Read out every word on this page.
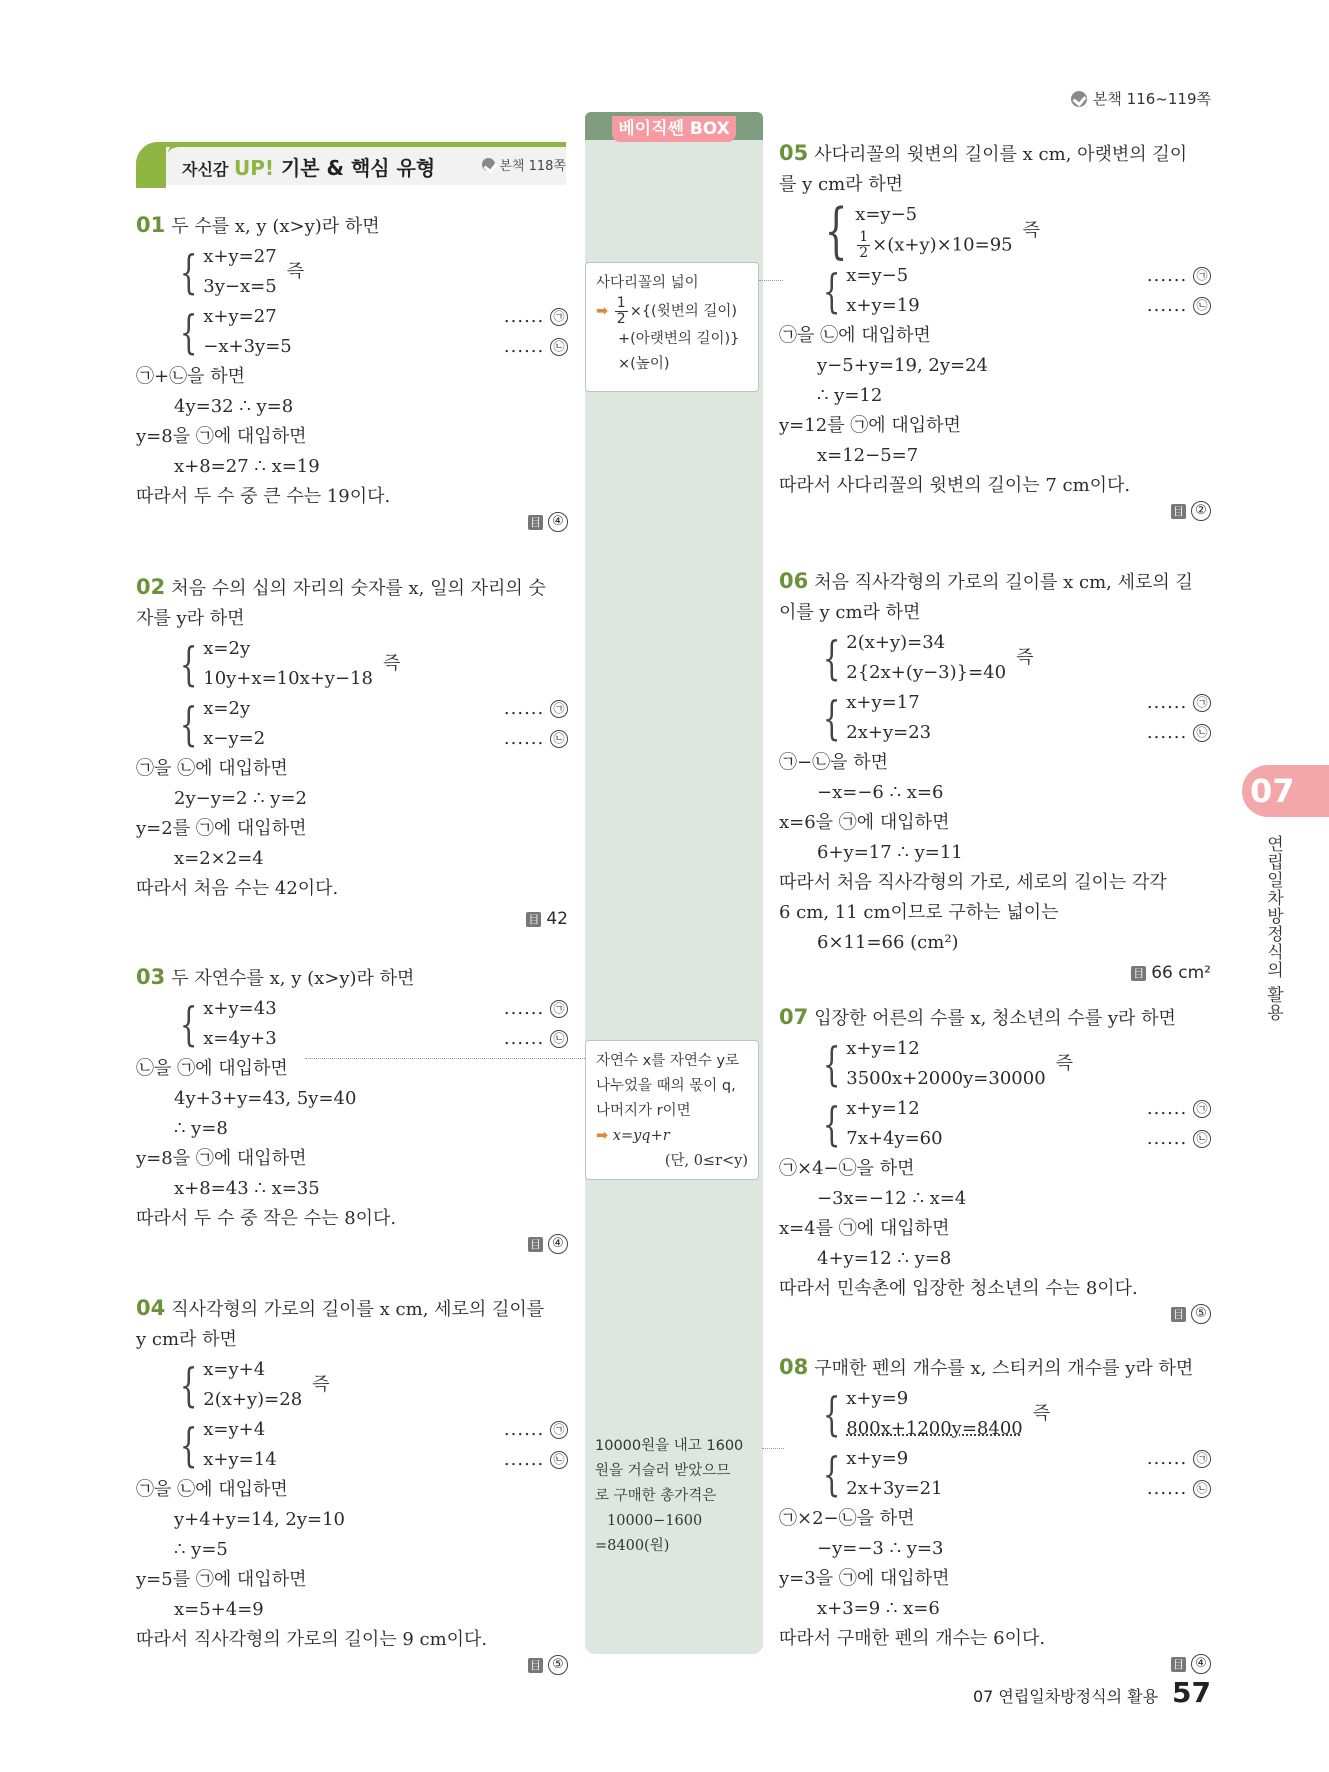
본책 116~119쪽
자신감 UP! 기본 & 핵심 유형	본책 118쪽
베이직쎈 BOX
사다리꼴의 넓이
➡ $\frac{1}{2}$ ×{(윗변의 길이)
+(아랫변의 길이)}
×(높이)
자연수 x를 자연수 y로
나누었을 때의 몫이 q,
나머지가 r이면
➡ x=yq+r
(단, 0≤r<y)
10000원을 내고 1600
원을 거슬러 받았으므
로 구매한 총가격은
10000−1600
=8400(원)
01 두 수를 x, y (x>y)라 하면
{ x+y=27
3y−x=5
즉
{ x+y=27	...... ㉠
−x+3y=5	...... ㉡
㉠+㉡을 하면
4y=32 ∴ y=8
y=8을 ㉠에 대입하면
x+8=27 ∴ x=19
따라서 두 수 중 큰 수는 19이다.
目 ④
02 처음 수의 십의 자리의 숫자를 x, 일의 자리의 숫
자를 y라 하면
{ x=2y
10y+x=10x+y−18
즉
{ x=2y	...... ㉠
x−y=2	...... ㉡
㉠을 ㉡에 대입하면
2y−y=2 ∴ y=2
y=2를 ㉠에 대입하면
x=2×2=4
따라서 처음 수는 42이다.
目 42
03 두 자연수를 x, y (x>y)라 하면
{ x+y=43	...... ㉠
x=4y+3	...... ㉡
㉡을 ㉠에 대입하면
4y+3+y=43, 5y=40
∴ y=8
y=8을 ㉠에 대입하면
x+8=43 ∴ x=35
따라서 두 수 중 작은 수는 8이다.
目 ④
04 직사각형의 가로의 길이를 x cm, 세로의 길이를
y cm라 하면
{ x=y+4
2(x+y)=28
즉
{ x=y+4	...... ㉠
x+y=14	...... ㉡
㉠을 ㉡에 대입하면
y+4+y=14, 2y=10
∴ y=5
y=5를 ㉠에 대입하면
x=5+4=9
따라서 직사각형의 가로의 길이는 9 cm이다.
目 ⑤
05 사다리꼴의 윗변의 길이를 x cm, 아랫변의 길이
를 y cm라 하면
{ x=y−5
$\frac{1}{2} \times(x+y)\times 10=95$
즉
{ x=y−5	...... ㉠
x+y=19	...... ㉡
㉠을 ㉡에 대입하면
y−5+y=19, 2y=24
∴ y=12
y=12를 ㉠에 대입하면
x=12−5=7
따라서 사다리꼴의 윗변의 길이는 7 cm이다.
目 ②
06 처음 직사각형의 가로의 길이를 x cm, 세로의 길
이를 y cm라 하면
{ 2(x+y)=34
2{2x+(y−3)}=40
즉
{ x+y=17	...... ㉠
2x+y=23	...... ㉡
㉠−㉡을 하면
−x=−6 ∴ x=6
x=6을 ㉠에 대입하면
6+y=17 ∴ y=11
따라서 처음 직사각형의 가로, 세로의 길이는 각각
6 cm, 11 cm이므로 구하는 넓이는
6×11=66 (cm²)
目 66 cm²
07 입장한 어른의 수를 x, 청소년의 수를 y라 하면
{ x+y=12
3500x+2000y=30000
즉
{ x+y=12	...... ㉠
7x+4y=60	...... ㉡
㉠×4−㉡을 하면
−3x=−12 ∴ x=4
x=4를 ㉠에 대입하면
4+y=12 ∴ y=8
따라서 민속촌에 입장한 청소년의 수는 8이다.
目 ⑤
08 구매한 펜의 개수를 x, 스티커의 개수를 y라 하면
{ x+y=9
800x+1200y=8400
즉
{ x+y=9	...... ㉠
2x+3y=21	...... ㉡
㉠×2−㉡을 하면
−y=−3 ∴ y=3
y=3을 ㉠에 대입하면
x+3=9 ∴ x=6
따라서 구매한 펜의 개수는 6이다.
目 ④
07
연립일차방정식의 활용
07 연립일차방정식의 활용 57
